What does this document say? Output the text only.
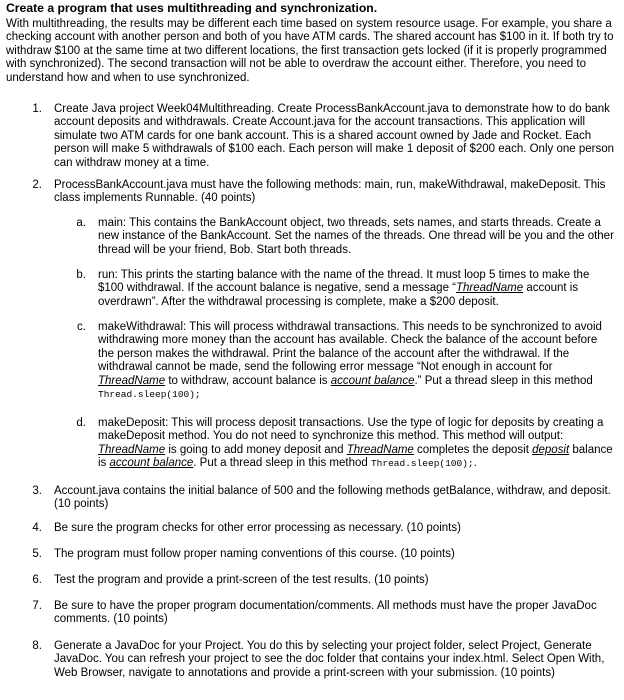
Create a program that uses multithreading and synchronization.
With multithreading, the results may be different each time based on system resource usage. For example, you share a checking account with another person and both of you have ATM cards. The shared account has $100 in it. If both try to withdraw $100 at the same time at two different locations, the first transaction gets locked (if it is properly programmed with synchronized). The second transaction will not be able to overdraw the account either. Therefore, you need to understand how and when to use synchronized.
1. Create Java project Week04Multithreading. Create ProcessBankAccount.java to demonstrate how to do bank account deposits and withdrawals. Create Account.java for the account transactions. This application will simulate two ATM cards for one bank account. This is a shared account owned by Jade and Rocket. Each person will make 5 withdrawals of $100 each. Each person will make 1 deposit of $200 each. Only one person can withdraw money at a time.
2. ProcessBankAccount.java must have the following methods: main, run, makeWithdrawal, makeDeposit. This class implements Runnable. (40 points)
a. main: This contains the BankAccount object, two threads, sets names, and starts threads. Create a new instance of the BankAccount. Set the names of the threads. One thread will be you and the other thread will be your friend, Bob. Start both threads.
b. run: This prints the starting balance with the name of the thread. It must loop 5 times to make the $100 withdrawal. If the account balance is negative, send a message “ThreadName account is overdrawn”. After the withdrawal processing is complete, make a $200 deposit.
c. makeWithdrawal: This will process withdrawal transactions. This needs to be synchronized to avoid withdrawing more money than the account has available. Check the balance of the account before the person makes the withdrawal. Print the balance of the account after the withdrawal. If the withdrawal cannot be made, send the following error message “Not enough in account for ThreadName to withdraw, account balance is account balance.” Put a thread sleep in this method Thread.sleep(100);
d. makeDeposit: This will process deposit transactions. Use the type of logic for deposits by creating a makeDeposit method. You do not need to synchronize this method. This method will output: ThreadName is going to add money deposit and ThreadName completes the deposit deposit balance is account balance. Put a thread sleep in this method Thread.sleep(100);.
3. Account.java contains the initial balance of 500 and the following methods getBalance, withdraw, and deposit. (10 points)
4. Be sure the program checks for other error processing as necessary. (10 points)
5. The program must follow proper naming conventions of this course. (10 points)
6. Test the program and provide a print-screen of the test results. (10 points)
7. Be sure to have the proper program documentation/comments. All methods must have the proper JavaDoc comments. (10 points)
8. Generate a JavaDoc for your Project. You do this by selecting your project folder, select Project, Generate JavaDoc. You can refresh your project to see the doc folder that contains your index.html. Select Open With, Web Browser, navigate to annotations and provide a print-screen with your submission. (10 points)
